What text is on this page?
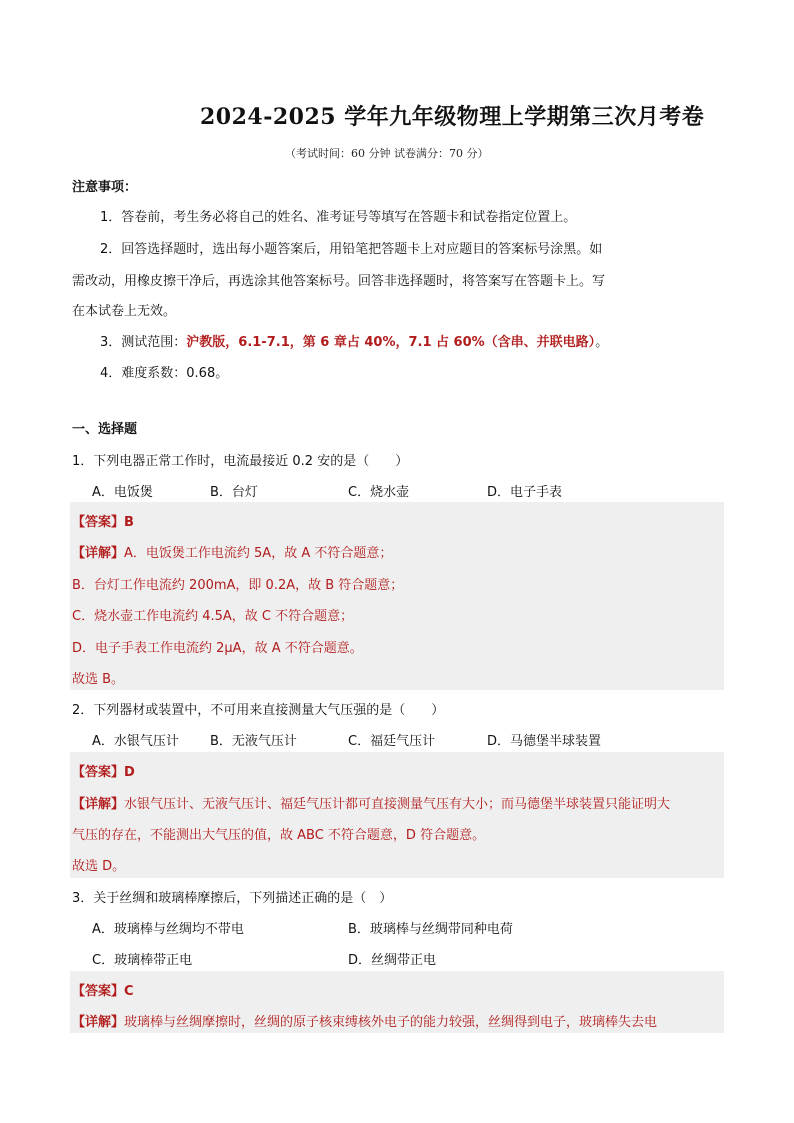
2024-2025 学年九年级物理上学期第三次月考卷
（考试时间：60 分钟 试卷满分：70 分）
注意事项：
1．答卷前，考生务必将自己的姓名、准考证号等填写在答题卡和试卷指定位置上。
2．回答选择题时，选出每小题答案后，用铅笔把答题卡上对应题目的答案标号涂黑。如
需改动，用橡皮擦干净后，再选涂其他答案标号。回答非选择题时，将答案写在答题卡上。写
在本试卷上无效。
3．测试范围：沪教版，6.1-7.1，第 6 章占 40%，7.1 占 60%（含串、并联电路）。
4．难度系数：0.68。
一、选择题
1．下列电器正常工作时，电流最接近 0.2 安的是（　　）
A．电饭煲	B．台灯	C．烧水壶	D．电子手表
【答案】B
【详解】A．电饭煲工作电流约 5A，故 A 不符合题意；
B．台灯工作电流约 200mA，即 0.2A，故 B 符合题意；
C．烧水壶工作电流约 4.5A，故 C 不符合题意；
D．电子手表工作电流约 2μA，故 A 不符合题意。
故选 B。
2．下列器材或装置中，不可用来直接测量大气压强的是（　　）
A．水银气压计 B．无液气压计	C．福廷气压计	D．马德堡半球装置
【答案】D
【详解】水银气压计、无液气压计、福廷气压计都可直接测量气压有大小；而马德堡半球装置只能证明大
气压的存在，不能测出大气压的值，故 ABC 不符合题意，D 符合题意。
故选 D。
3．关于丝绸和玻璃棒摩擦后，下列描述正确的是（　）
A．玻璃棒与丝绸均不带电	B．玻璃棒与丝绸带同种电荷
C．玻璃棒带正电	D．丝绸带正电
【答案】C
【详解】玻璃棒与丝绸摩擦时，丝绸的原子核束缚核外电子的能力较强，丝绸得到电子，玻璃棒失去电
